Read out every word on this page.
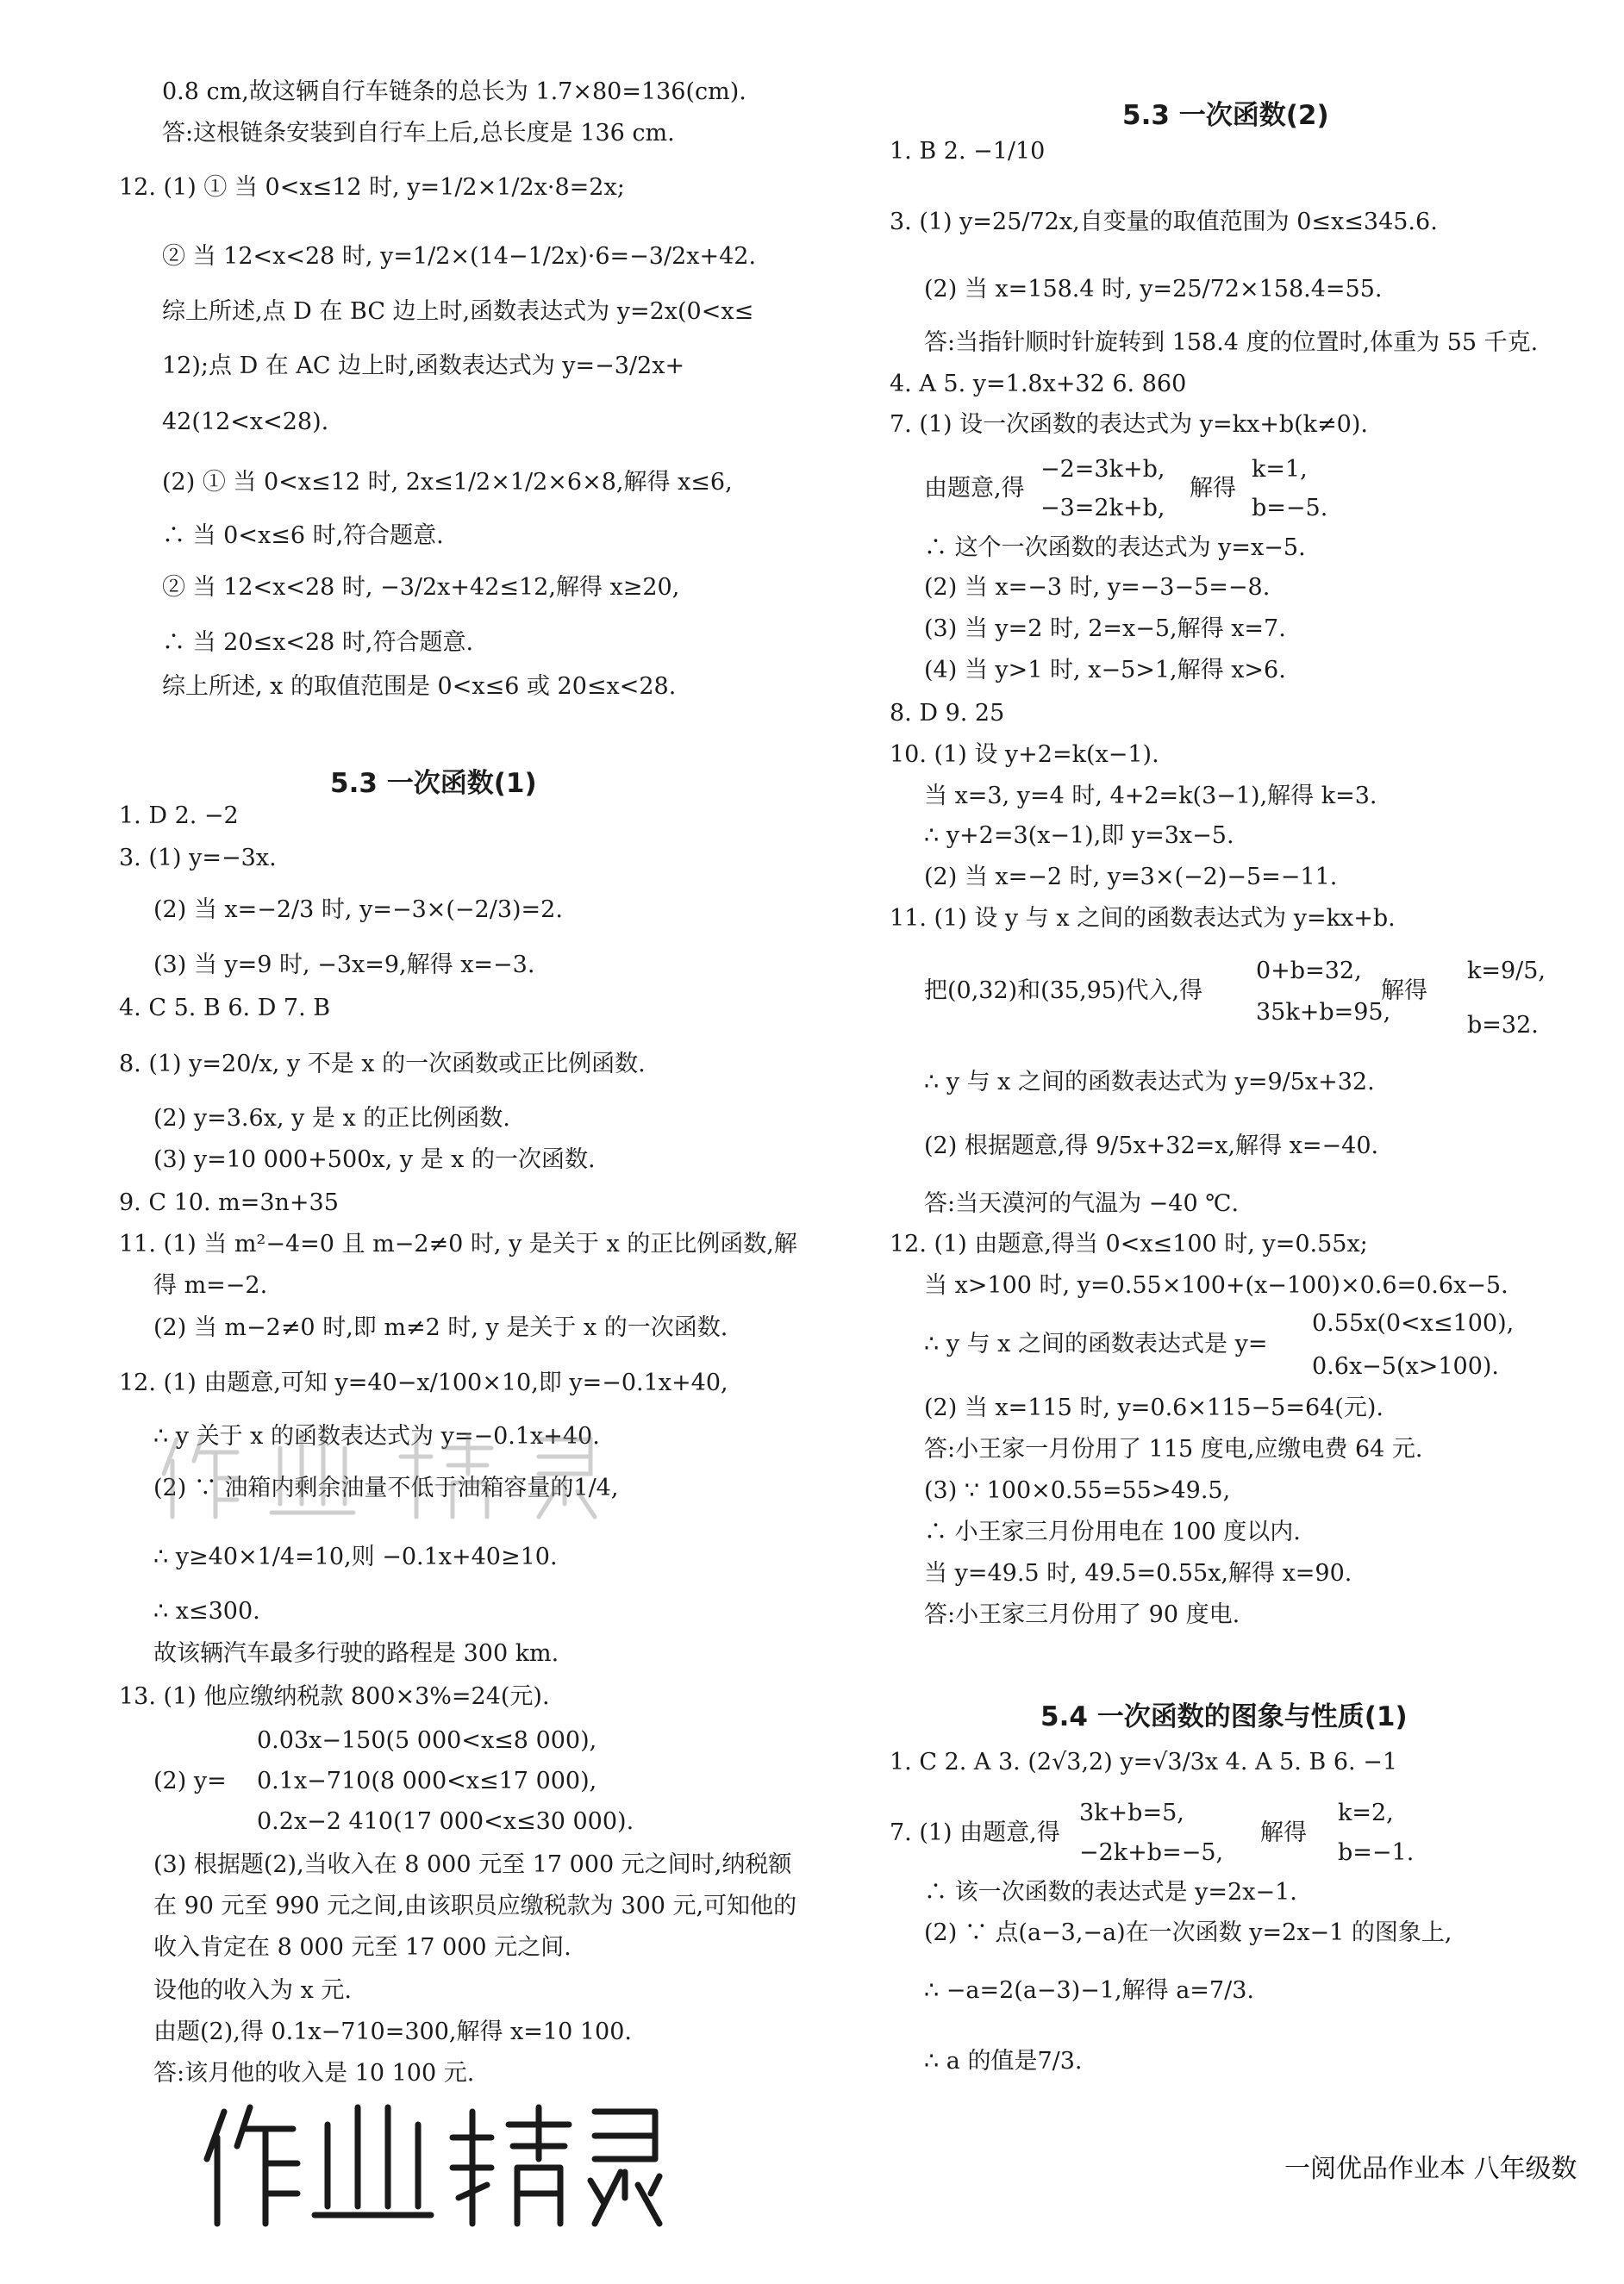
0.8 cm,故这辆自行车链条的总长为 1.7×80=136(cm).
答:这根链条安装到自行车上后,总长度是 136 cm.
12. (1) ① 当 0<x≤12 时, y=1/2×1/2x·8=2x;
② 当 12<x<28 时, y=1/2×(14−1/2x)·6=−3/2x+42.
综上所述,点 D 在 BC 边上时,函数表达式为 y=2x(0<x≤
12);点 D 在 AC 边上时,函数表达式为 y=−3/2x+
42(12<x<28).
(2) ① 当 0<x≤12 时, 2x≤1/2×1/2×6×8,解得 x≤6,
∴ 当 0<x≤6 时,符合题意.
② 当 12<x<28 时, −3/2x+42≤12,解得 x≥20,
∴ 当 20≤x<28 时,符合题意.
综上所述, x 的取值范围是 0<x≤6 或 20≤x<28.
1. D 2. −2
3. (1) y=−3x.
(2) 当 x=−2/3 时, y=−3×(−2/3)=2.
(3) 当 y=9 时, −3x=9,解得 x=−3.
4. C 5. B 6. D 7. B
8. (1) y=20/x, y 不是 x 的一次函数或正比例函数.
(2) y=3.6x, y 是 x 的正比例函数.
(3) y=10 000+500x, y 是 x 的一次函数.
9. C 10. m=3n+35
11. (1) 当 m²−4=0 且 m−2≠0 时, y 是关于 x 的正比例函数,解
得 m=−2.
(2) 当 m−2≠0 时,即 m≠2 时, y 是关于 x 的一次函数.
12. (1) 由题意,可知 y=40−x/100×10,即 y=−0.1x+40,
∴ y 关于 x 的函数表达式为 y=−0.1x+40.
(2) ∵ 油箱内剩余油量不低于油箱容量的1/4,
∴ y≥40×1/4=10,则 −0.1x+40≥10.
∴ x≤300.
故该辆汽车最多行驶的路程是 300 km.
13. (1) 他应缴纳税款 800×3%=24(元).
0.03x−150(5 000<x≤8 000),
(2) y= 0.1x−710(8 000<x≤17 000),
0.2x−2 410(17 000<x≤30 000).
(3) 根据题(2),当收入在 8 000 元至 17 000 元之间时,纳税额
在 90 元至 990 元之间,由该职员应缴税款为 300 元,可知他的
收入肯定在 8 000 元至 17 000 元之间.
设他的收入为 x 元.
由题(2),得 0.1x−710=300,解得 x=10 100.
答:该月他的收入是 10 100 元.
5.3 一次函数(1)
1. B 2. −1/10
3. (1) y=25/72x,自变量的取值范围为 0≤x≤345.6.
(2) 当 x=158.4 时, y=25/72×158.4=55.
答:当指针顺时针旋转到 158.4 度的位置时,体重为 55 千克.
4. A 5. y=1.8x+32 6. 860
7. (1) 设一次函数的表达式为 y=kx+b(k≠0).
−2=3k+b,	k=1,
由题意,得	解得
−3=2k+b,	b=−5.
∴ 这个一次函数的表达式为 y=x−5.
(2) 当 x=−3 时, y=−3−5=−8.
(3) 当 y=2 时, 2=x−5,解得 x=7.
(4) 当 y>1 时, x−5>1,解得 x>6.
8. D 9. 25
10. (1) 设 y+2=k(x−1).
当 x=3, y=4 时, 4+2=k(3−1),解得 k=3.
∴ y+2=3(x−1),即 y=3x−5.
(2) 当 x=−2 时, y=3×(−2)−5=−11.
11. (1) 设 y 与 x 之间的函数表达式为 y=kx+b.
0+b=32,	k=9/5,
把(0,32)和(35,95)代入,得	解得
35k+b=95,	b=32.
∴ y 与 x 之间的函数表达式为 y=9/5x+32.
(2) 根据题意,得 9/5x+32=x,解得 x=−40.
答:当天漠河的气温为 −40 ℃.
12. (1) 由题意,得当 0<x≤100 时, y=0.55x;
当 x>100 时, y=0.55×100+(x−100)×0.6=0.6x−5.
0.55x(0<x≤100),
∴ y 与 x 之间的函数表达式是 y=
0.6x−5(x>100).
(2) 当 x=115 时, y=0.6×115−5=64(元).
答:小王家一月份用了 115 度电,应缴电费 64 元.
(3) ∵ 100×0.55=55>49.5,
∴ 小王家三月份用电在 100 度以内.
当 y=49.5 时, 49.5=0.55x,解得 x=90.
答:小王家三月份用了 90 度电.
1. C 2. A 3. (2√3,2) y=√3/3x 4. A 5. B 6. −1
3k+b=5,	k=2,
7. (1) 由题意,得	解得
−2k+b=−5,	b=−1.
∴ 该一次函数的表达式是 y=2x−1.
(2) ∵ 点(a−3,−a)在一次函数 y=2x−1 的图象上,
∴ −a=2(a−3)−1,解得 a=7/3.
∴ a 的值是7/3.
5.3 一次函数(2)
5.4 一次函数的图象与性质(1)
一阅优品作业本 八年级数
